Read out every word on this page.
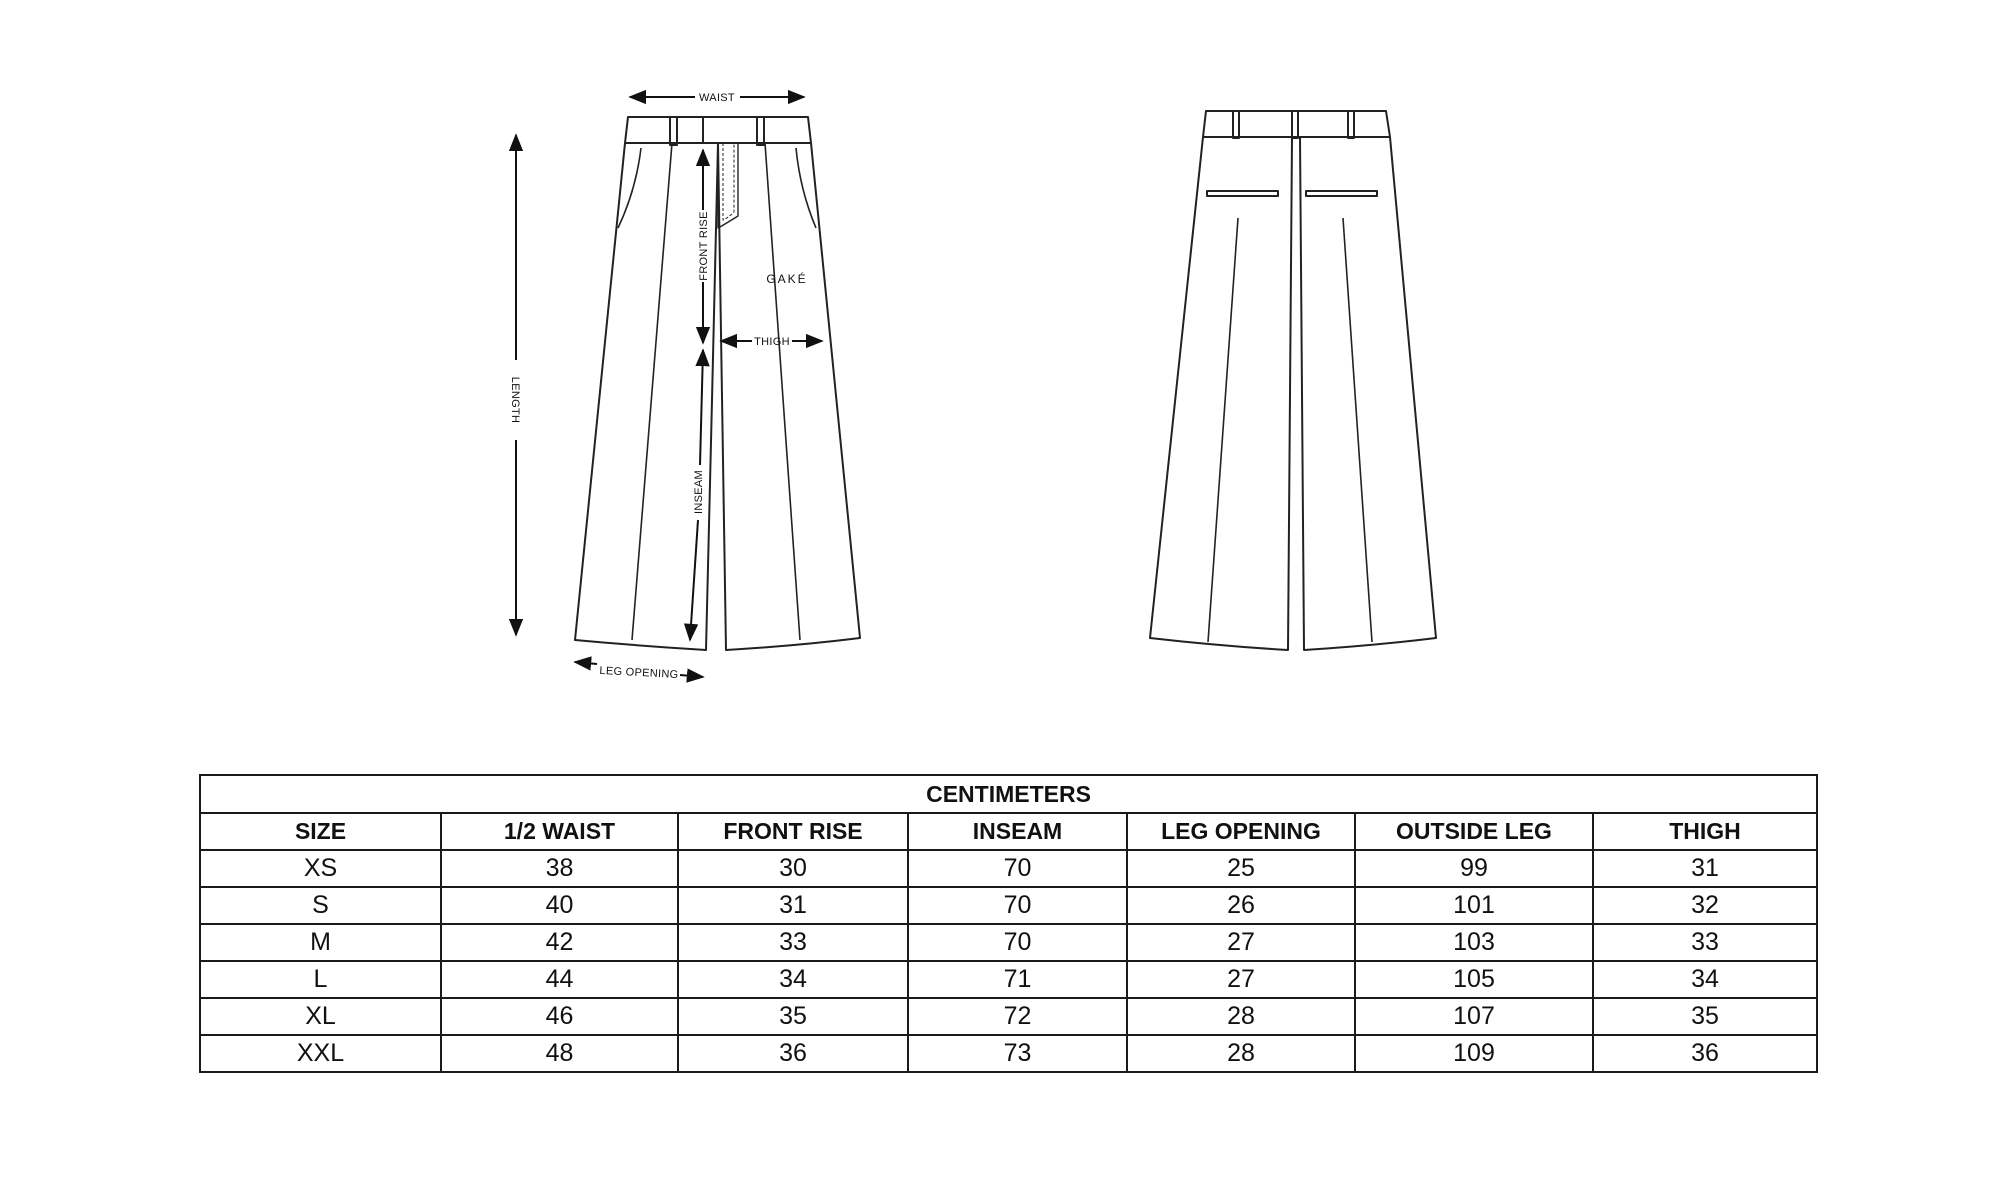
WAIST
LENGTH
FRONT RISE
THIGH
INSEAM
LEG OPENING
GAKÉ
CENTIMETERS						
SIZE	1/2 WAIST	FRONT RISE	INSEAM	LEG OPENING	OUTSIDE LEG	THIGH
XS	38	30	70	25	99	31
S	40	31	70	26	101	32
M	42	33	70	27	103	33
L	44	34	71	27	105	34
XL	46	35	72	28	107	35
XXL	48	36	73	28	109	36
